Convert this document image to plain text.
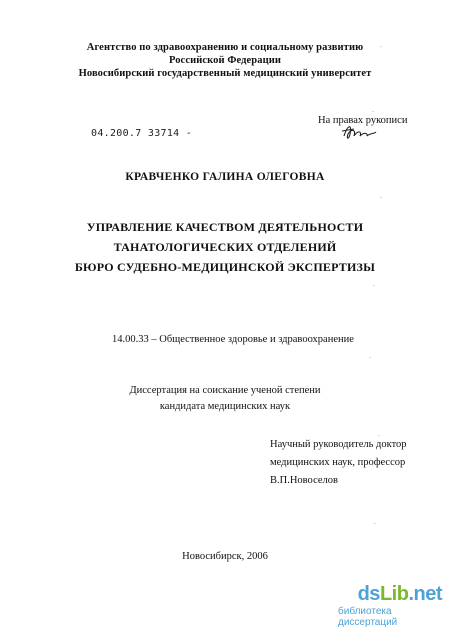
Агентство по здравоохранению и социальному развитию
Российской Федерации
Новосибирский государственный медицинский университет
04.200.7 33714 -
На правах рукописи
КРАВЧЕНКО ГАЛИНА ОЛЕГОВНА
УПРАВЛЕНИЕ КАЧЕСТВОМ ДЕЯТЕЛЬНОСТИ
ТАНАТОЛОГИЧЕСКИХ ОТДЕЛЕНИЙ
БЮРО СУДЕБНО-МЕДИЦИНСКОЙ ЭКСПЕРТИЗЫ
14.00.33 – Общественное здоровье и здравоохранение
Диссертация на соискание ученой степени
кандидата медицинских наук
Научный руководитель доктор
медицинских наук, профессор
В.П.Новоселов
Новосибирск, 2006
.
.
.
.
.
.
.
dsLib.net
библиотека диссертаций
